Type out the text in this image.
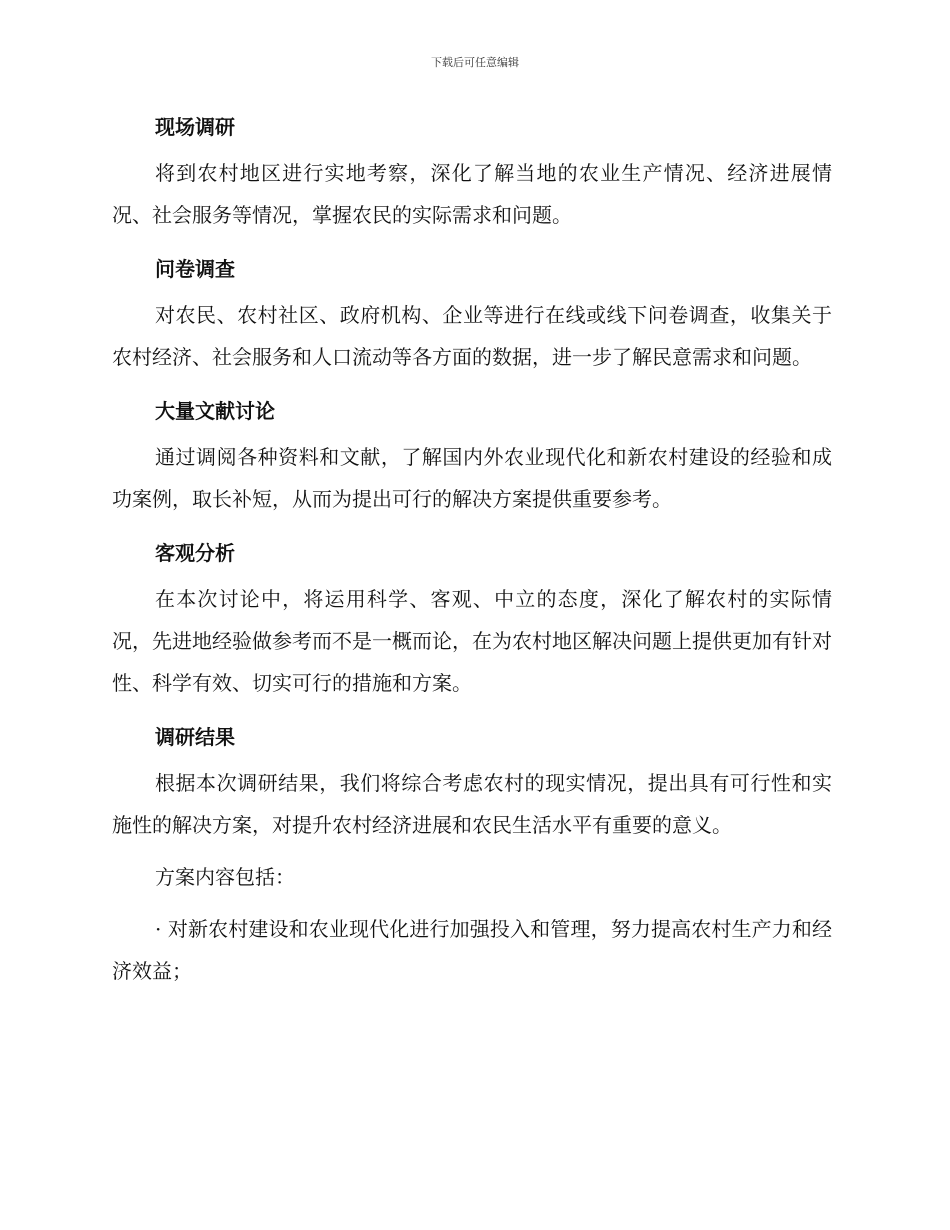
下载后可任意编辑
现场调研

将到农村地区进行实地考察，深化了解当地的农业生产情况、经济进展情况、社会服务等情况，掌握农民的实际需求和问题。

问卷调查

对农民、农村社区、政府机构、企业等进行在线或线下问卷调查，收集关于农村经济、社会服务和人口流动等各方面的数据，进一步了解民意需求和问题。

大量文献讨论

通过调阅各种资料和文献，了解国内外农业现代化和新农村建设的经验和成功案例，取长补短，从而为提出可行的解决方案提供重要参考。

客观分析

在本次讨论中，将运用科学、客观、中立的态度，深化了解农村的实际情况，先进地经验做参考而不是一概而论，在为农村地区解决问题上提供更加有针对性、科学有效、切实可行的措施和方案。

调研结果

根据本次调研结果，我们将综合考虑农村的现实情况，提出具有可行性和实施性的解决方案，对提升农村经济进展和农民生活水平有重要的意义。

方案内容包括：

· 对新农村建设和农业现代化进行加强投入和管理，努力提高农村生产力和经济效益；
